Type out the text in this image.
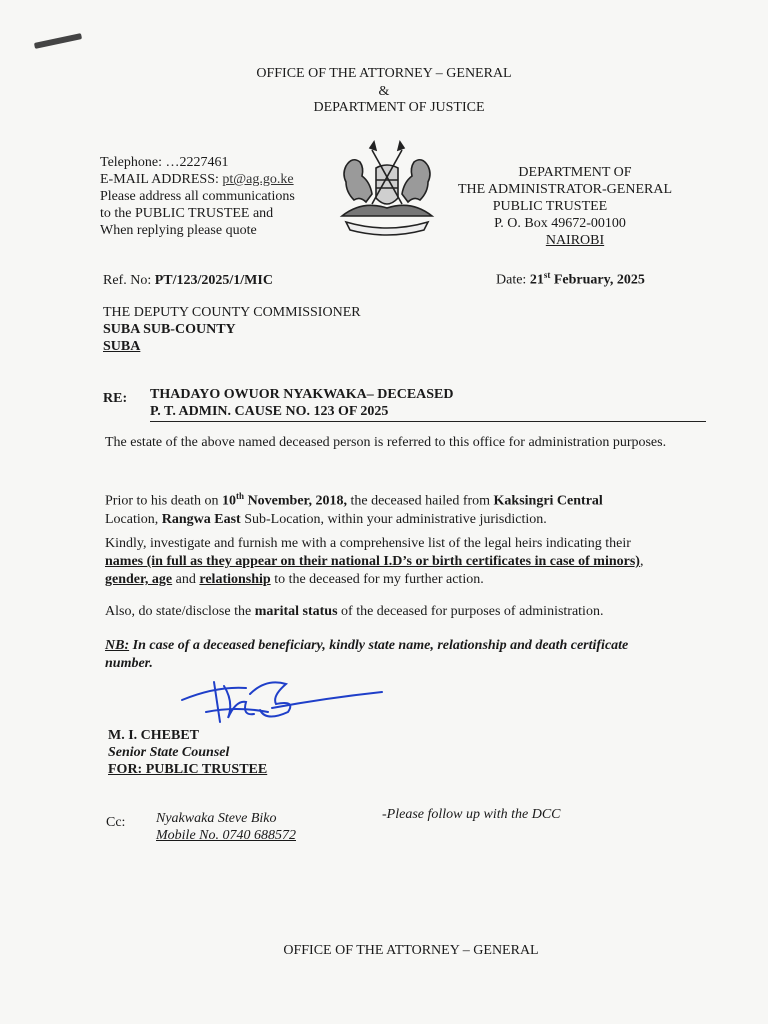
OFFICE OF THE ATTORNEY – GENERAL
&
DEPARTMENT OF JUSTICE
Telephone: …2227461
E-MAIL ADDRESS: pt@ag.go.ke
Please address all communications
to the PUBLIC TRUSTEE and
When replying please quote
DEPARTMENT OF
THE ADMINISTRATOR-GENERAL
PUBLIC TRUSTEE
P. O. Box 49672-00100
NAIROBI
Ref. No: PT/123/2025/1/MIC	Date: 21st February, 2025
THE DEPUTY COUNTY COMMISSIONER
SUBA SUB-COUNTY
SUBA
RE: THADAYO OWUOR NYAKWAKA– DECEASED
P. T. ADMIN. CAUSE NO. 123 OF 2025
The estate of the above named deceased person is referred to this office for administration purposes.
Prior to his death on 10th November, 2018, the deceased hailed from Kaksingri Central
Location, Rangwa East Sub-Location, within your administrative jurisdiction.
Kindly, investigate and furnish me with a comprehensive list of the legal heirs indicating their
names (in full as they appear on their national I.D’s or birth certificates in case of minors),
gender, age and relationship to the deceased for my further action.
Also, do state/disclose the marital status of the deceased for purposes of administration.
NB: In case of a deceased beneficiary, kindly state name, relationship and death certificate
number.
M. I. CHEBET
Senior State Counsel
FOR: PUBLIC TRUSTEE
Cc: Nyakwaka Steve Biko
Mobile No. 0740 688572
-Please follow up with the DCC
OFFICE OF THE ATTORNEY – GENERAL
